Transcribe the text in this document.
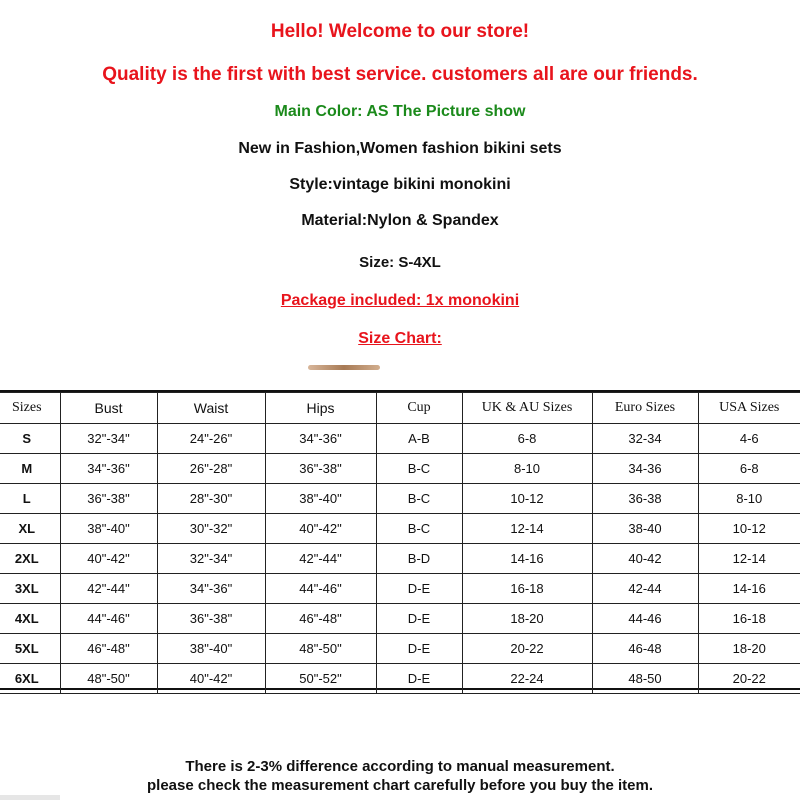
Hello! Welcome to our store!
Quality is the first with best service. customers all are our friends.
Main Color: AS The Picture show
New in Fashion,Women fashion bikini sets
Style:vintage bikini monokini
Material:Nylon & Spandex
Size: S-4XL
Package included: 1x monokini
Size Chart:
Sizes	Bust	Waist	Hips	Cup	UK & AU Sizes	Euro Sizes	USA Sizes
S	32"-34"	24"-26"	34"-36"	A-B	6-8	32-34	4-6
M	34"-36"	26"-28"	36"-38"	B-C	8-10	34-36	6-8
L	36"-38"	28"-30"	38"-40"	B-C	10-12	36-38	8-10
XL	38"-40"	30"-32"	40"-42"	B-C	12-14	38-40	10-12
2XL	40"-42"	32"-34"	42"-44"	B-D	14-16	40-42	12-14
3XL	42"-44"	34"-36"	44"-46"	D-E	16-18	42-44	14-16
4XL	44"-46"	36"-38"	46"-48"	D-E	18-20	44-46	16-18
5XL	46"-48"	38"-40"	48"-50"	D-E	20-22	46-48	18-20
6XL	48"-50"	40"-42"	50"-52"	D-E	22-24	48-50	20-22
There is 2-3% difference according to manual measurement.
please check the measurement chart carefully before you buy the item.
